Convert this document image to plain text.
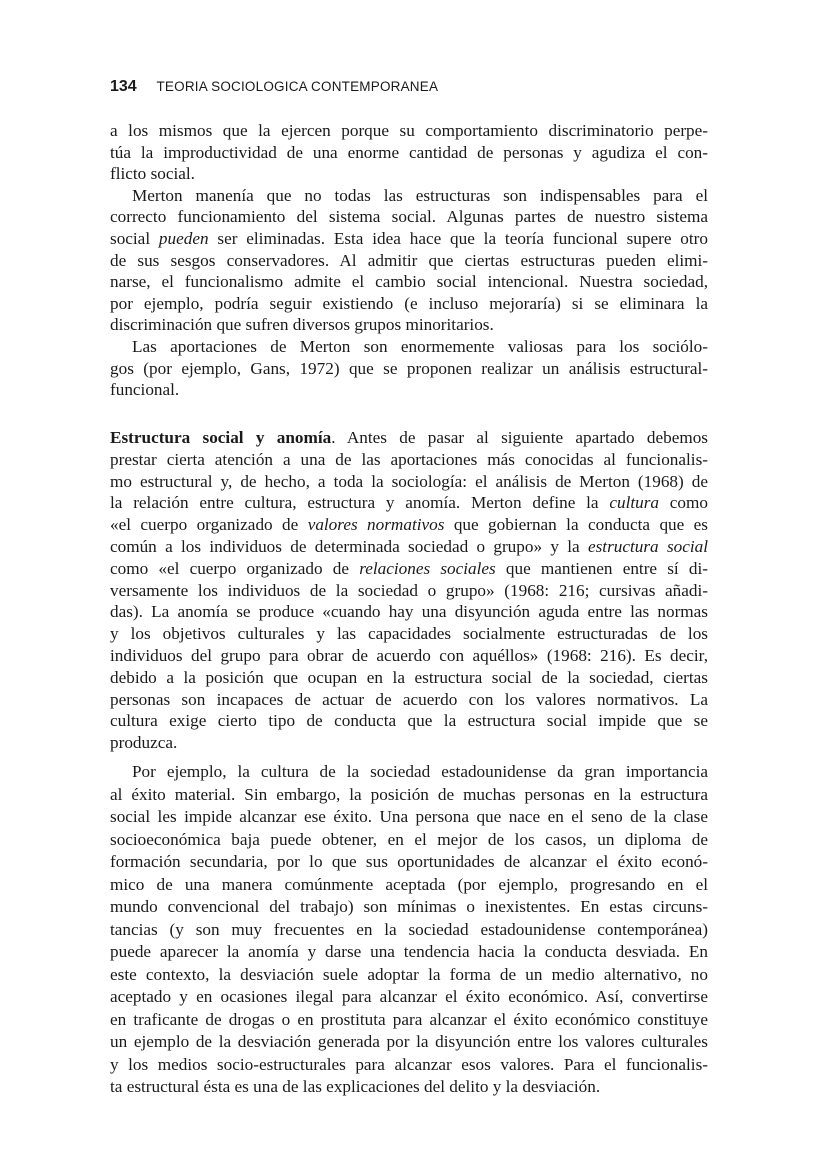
134 TEORIA SOCIOLOGICA CONTEMPORANEA
a los mismos que la ejercen porque su comportamiento discriminatorio perpe-
túa la improductividad de una enorme cantidad de personas y agudiza el con-
flicto social.
Merton manenía que no todas las estructuras son indispensables para el
correcto funcionamiento del sistema social. Algunas partes de nuestro sistema
social pueden ser eliminadas. Esta idea hace que la teoría funcional supere otro
de sus sesgos conservadores. Al admitir que ciertas estructuras pueden elimi-
narse, el funcionalismo admite el cambio social intencional. Nuestra sociedad,
por ejemplo, podría seguir existiendo (e incluso mejoraría) si se eliminara la
discriminación que sufren diversos grupos minoritarios.
Las aportaciones de Merton son enormemente valiosas para los sociólo-
gos (por ejemplo, Gans, 1972) que se proponen realizar un análisis estructural-
funcional.
Estructura social y anomía. Antes de pasar al siguiente apartado debemos
prestar cierta atención a una de las aportaciones más conocidas al funcionalis-
mo estructural y, de hecho, a toda la sociología: el análisis de Merton (1968) de
la relación entre cultura, estructura y anomía. Merton define la cultura como
«el cuerpo organizado de valores normativos que gobiernan la conducta que es
común a los individuos de determinada sociedad o grupo» y la estructura social
como «el cuerpo organizado de relaciones sociales que mantienen entre sí di-
versamente los individuos de la sociedad o grupo» (1968: 216; cursivas añadi-
das). La anomía se produce «cuando hay una disyunción aguda entre las normas
y los objetivos culturales y las capacidades socialmente estructuradas de los
individuos del grupo para obrar de acuerdo con aquéllos» (1968: 216). Es decir,
debido a la posición que ocupan en la estructura social de la sociedad, ciertas
personas son incapaces de actuar de acuerdo con los valores normativos. La
cultura exige cierto tipo de conducta que la estructura social impide que se
produzca.
Por ejemplo, la cultura de la sociedad estadounidense da gran importancia
al éxito material. Sin embargo, la posición de muchas personas en la estructura
social les impide alcanzar ese éxito. Una persona que nace en el seno de la clase
socioeconómica baja puede obtener, en el mejor de los casos, un diploma de
formación secundaria, por lo que sus oportunidades de alcanzar el éxito econó-
mico de una manera comúnmente aceptada (por ejemplo, progresando en el
mundo convencional del trabajo) son mínimas o inexistentes. En estas circuns-
tancias (y son muy frecuentes en la sociedad estadounidense contemporánea)
puede aparecer la anomía y darse una tendencia hacia la conducta desviada. En
este contexto, la desviación suele adoptar la forma de un medio alternativo, no
aceptado y en ocasiones ilegal para alcanzar el éxito económico. Así, convertirse
en traficante de drogas o en prostituta para alcanzar el éxito económico constituye
un ejemplo de la desviación generada por la disyunción entre los valores culturales
y los medios socio-estructurales para alcanzar esos valores. Para el funcionalis-
ta estructural ésta es una de las explicaciones del delito y la desviación.
